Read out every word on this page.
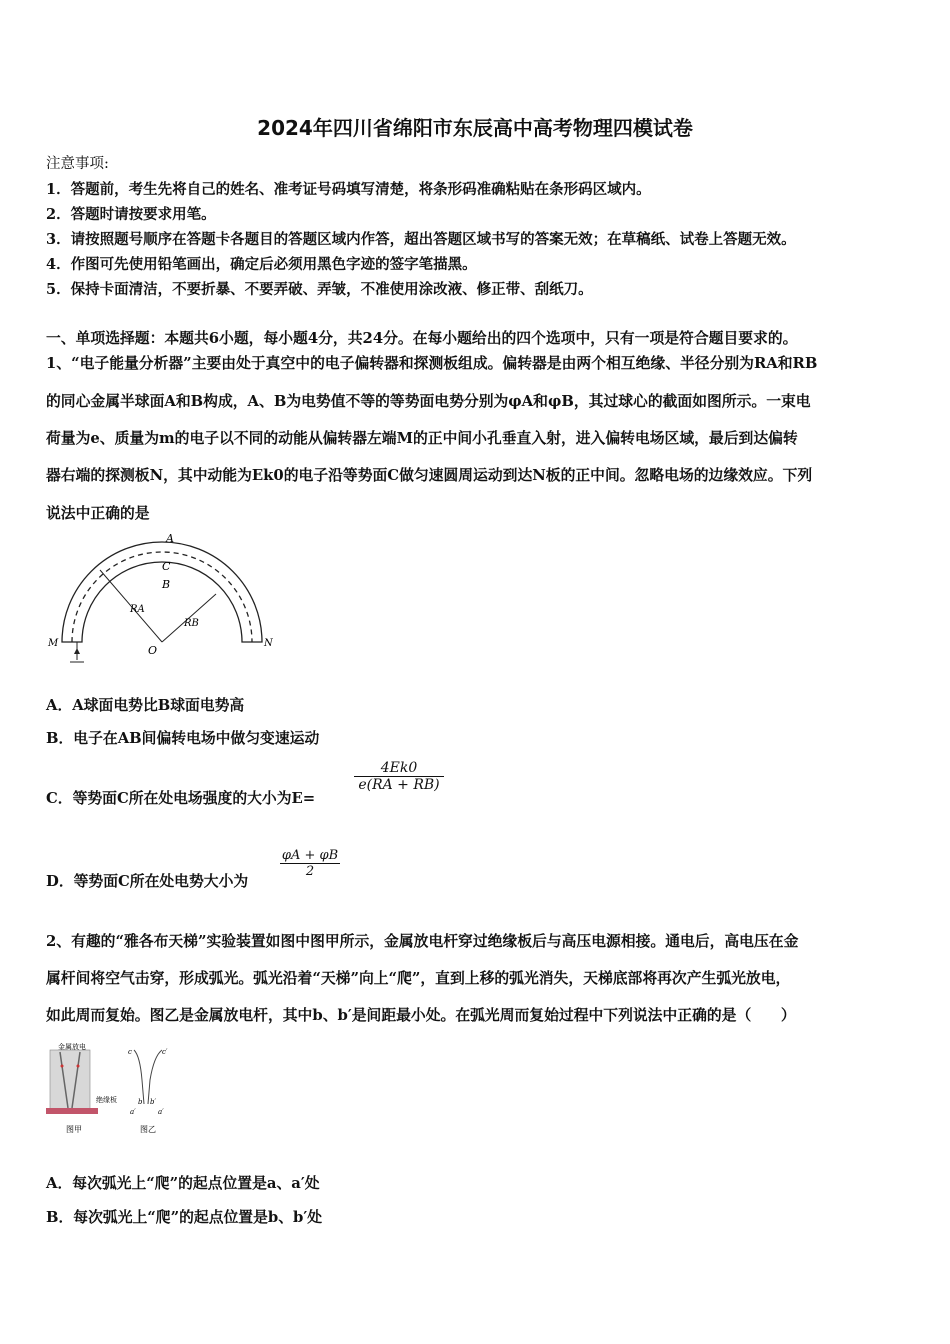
2024年四川省绵阳市东辰高中高考物理四模试卷
注意事项:
1．答题前，考生先将自己的姓名、准考证号码填写清楚，将条形码准确粘贴在条形码区域内。
2．答题时请按要求用笔。
3．请按照题号顺序在答题卡各题目的答题区域内作答，超出答题区域书写的答案无效；在草稿纸、试卷上答题无效。
4．作图可先使用铅笔画出，确定后必须用黑色字迹的签字笔描黑。
5．保持卡面清洁，不要折暴、不要弄破、弄皱，不准使用涂改液、修正带、刮纸刀。
一、单项选择题：本题共6小题，每小题4分，共24分。在每小题给出的四个选项中，只有一项是符合题目要求的。
1、“电子能量分析器”主要由处于真空中的电子偏转器和探测板组成。偏转器是由两个相互绝缘、半径分别为RA和RB
的同心金属半球面A和B构成，A、B为电势值不等的等势面电势分别为φA和φB，其过球心的截面如图所示。一束电
荷量为e、质量为m的电子以不同的动能从偏转器左端M的正中间小孔垂直入射，进入偏转电场区域，最后到达偏转
器右端的探测板N，其中动能为Ek0的电子沿等势面C做匀速圆周运动到达N板的正中间。忽略电场的边缘效应。下列
说法中正确的是
A
C
B
RA
RB
O
M	N
A．A球面电势比B球面电势高
B．电子在AB间偏转电场中做匀变速运动
C．等势面C所在处电场强度的大小为E=
4Ek0
e(RA + RB)
D．等势面C所在处电势大小为
φA + φB
2
2、有趣的“雅各布天梯”实验装置如图中图甲所示，金属放电杆穿过绝缘板后与高压电源相接。通电后，高电压在金
属杆间将空气击穿，形成弧光。弧光沿着“天梯”向上“爬”，直到上移的弧光消失，天梯底部将再次产生弧光放电，
如此周而复始。图乙是金属放电杆，其中b、b′是间距最小处。在弧光周而复始过程中下列说法中正确的是（　　）
金属放电
绝缘板
图甲
c	c′
b b′
a′	a′
图乙
A．每次弧光上“爬”的起点位置是a、a′处
B．每次弧光上“爬”的起点位置是b、b′处
